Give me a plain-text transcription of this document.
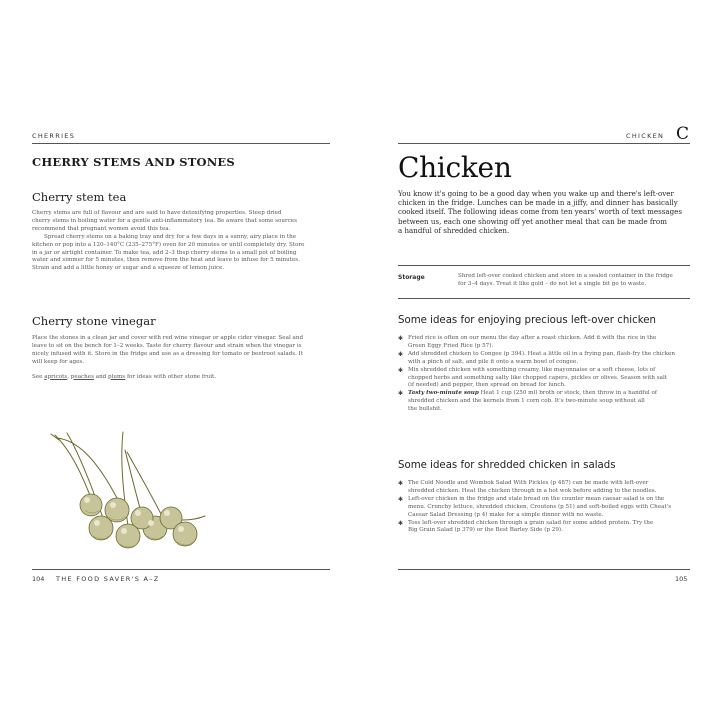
CHERRIES
CHERRY STEMS AND STONES
Cherry stem tea

Cherry stems are full of flavour and are said to have detoxifying properties. Steep dried

cherry stems in boiling water for a gentle anti-inflammatory tea. Be aware that some sources

recommend that pregnant women avoid this tea.

Spread cherry stems on a baking tray and dry for a few days in a sunny, airy place in the

kitchen or pop into a 120–140°C (235–275°F) oven for 20 minutes or until completely dry. Store

in a jar or airtight container. To make tea, add 2–3 tbsp cherry stems to a small pot of boiling

water and simmer for 5 minutes, then remove from the heat and leave to infuse for 5 minutes.

Strain and add a little honey or sugar and a squeeze of lemon juice.

Cherry stone vinegar

Place the stones in a clean jar and cover with red wine vinegar or apple cider vinegar. Seal and

leave to sit on the bench for 1–2 weeks. Taste for cherry flavour and strain when the vinegar is

nicely infused with it. Store in the fridge and use as a dressing for tomato or beetroot salads. It

will keep for ages.

See apricots, peaches and plums for ideas with other stone fruit.

104 THE FOOD SAVER'S A–Z
CHICKEN C
Chicken
You know it's going to be a good day when you wake up and there's left-over
chicken in the fridge. Lunches can be made in a jiffy, and dinner has basically
cooked itself. The following ideas come from ten years' worth of text messages
between us, each one showing off yet another meal that can be made from
a handful of shredded chicken.
Storage	Shred left-over cooked chicken and store in a sealed container in the fridge

for 3–4 days. Treat it like gold – do not let a single bit go to waste.

Some ideas for enjoying precious left-over chicken
✱ Fried rice is often on our menu the day after a roast chicken. Add it with the rice in the
Green Eggy Fried Rice (p 57).
✱ Add shredded chicken to Congee (p 394). Heat a little oil in a frying pan, flash-fry the chicken
with a pinch of salt, and pile it onto a warm bowl of congee.
✱ Mix shredded chicken with something creamy, like mayonnaise or a soft cheese, lots of
chopped herbs and something salty like chopped capers, pickles or olives. Season with salt
(if needed) and pepper, then spread on bread for lunch.
✱ Tasty two-minute soup Heat 1 cup (250 ml) broth or stock, then throw in a handful of
shredded chicken and the kernels from 1 corn cob. It's two-minute soup without all
the bullshit.
Some ideas for shredded chicken in salads
✱ The Cold Noodle and Wombok Salad With Pickles (p 487) can be made with left-over
shredded chicken. Heat the chicken through in a hot wok before adding to the noodles.
✱ Left-over chicken in the fridge and stale bread on the counter mean caesar salad is on the
menu. Crunchy lettuce, shredded chicken, Croutons (p 51) and soft-boiled eggs with Cheat's
Caesar Salad Dressing (p 4) make for a simple dinner with no waste.
✱ Toss left-over shredded chicken through a grain salad for some added protein. Try the
Big Grain Salad (p 379) or the Best Barley Side (p 29).
105
